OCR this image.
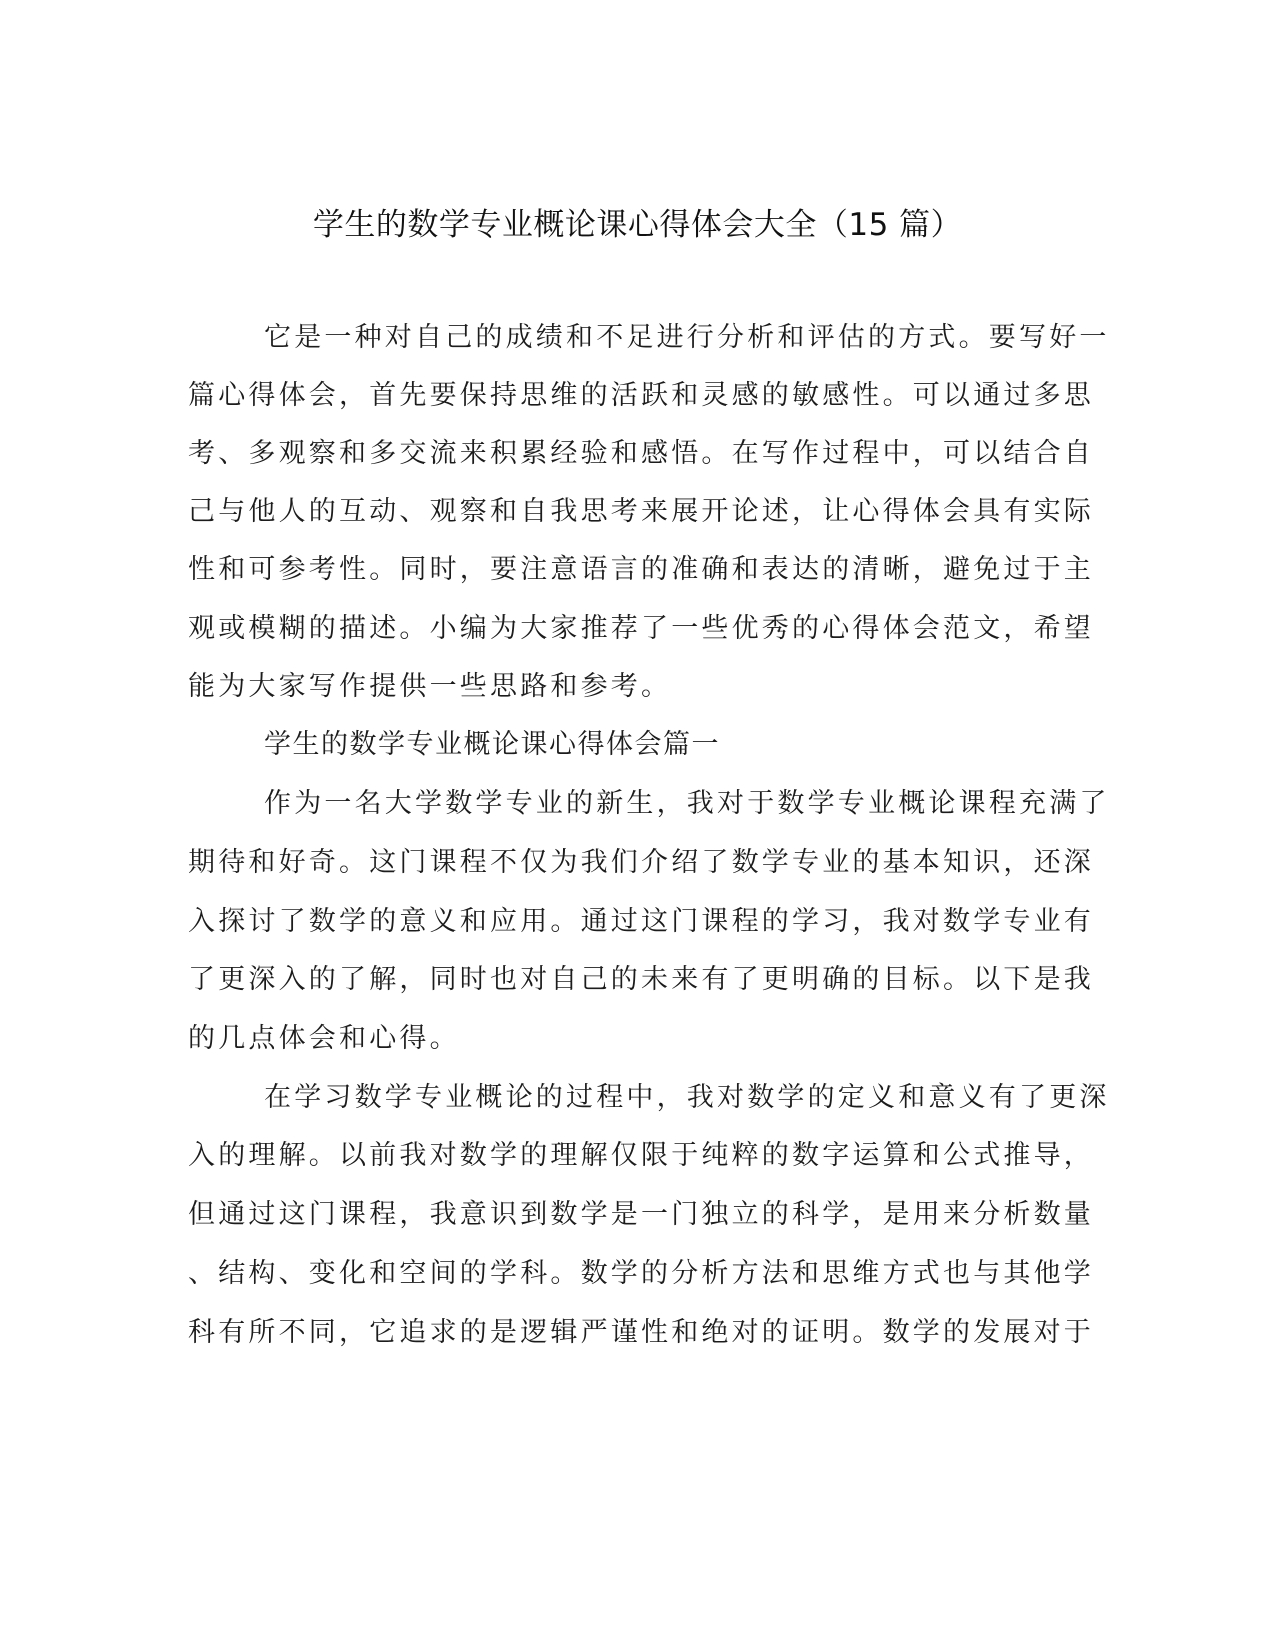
学生的数学专业概论课心得体会大全（15 篇）
它是一种对自己的成绩和不足进行分析和评估的方式。要写好一
篇心得体会，首先要保持思维的活跃和灵感的敏感性。可以通过多思
考、多观察和多交流来积累经验和感悟。在写作过程中，可以结合自
己与他人的互动、观察和自我思考来展开论述，让心得体会具有实际
性和可参考性。同时，要注意语言的准确和表达的清晰，避免过于主
观或模糊的描述。小编为大家推荐了一些优秀的心得体会范文，希望
能为大家写作提供一些思路和参考。
学生的数学专业概论课心得体会篇一
作为一名大学数学专业的新生，我对于数学专业概论课程充满了
期待和好奇。这门课程不仅为我们介绍了数学专业的基本知识，还深
入探讨了数学的意义和应用。通过这门课程的学习，我对数学专业有
了更深入的了解，同时也对自己的未来有了更明确的目标。以下是我
的几点体会和心得。
在学习数学专业概论的过程中，我对数学的定义和意义有了更深
入的理解。以前我对数学的理解仅限于纯粹的数字运算和公式推导，
但通过这门课程，我意识到数学是一门独立的科学，是用来分析数量
、结构、变化和空间的学科。数学的分析方法和思维方式也与其他学
科有所不同，它追求的是逻辑严谨性和绝对的证明。数学的发展对于
